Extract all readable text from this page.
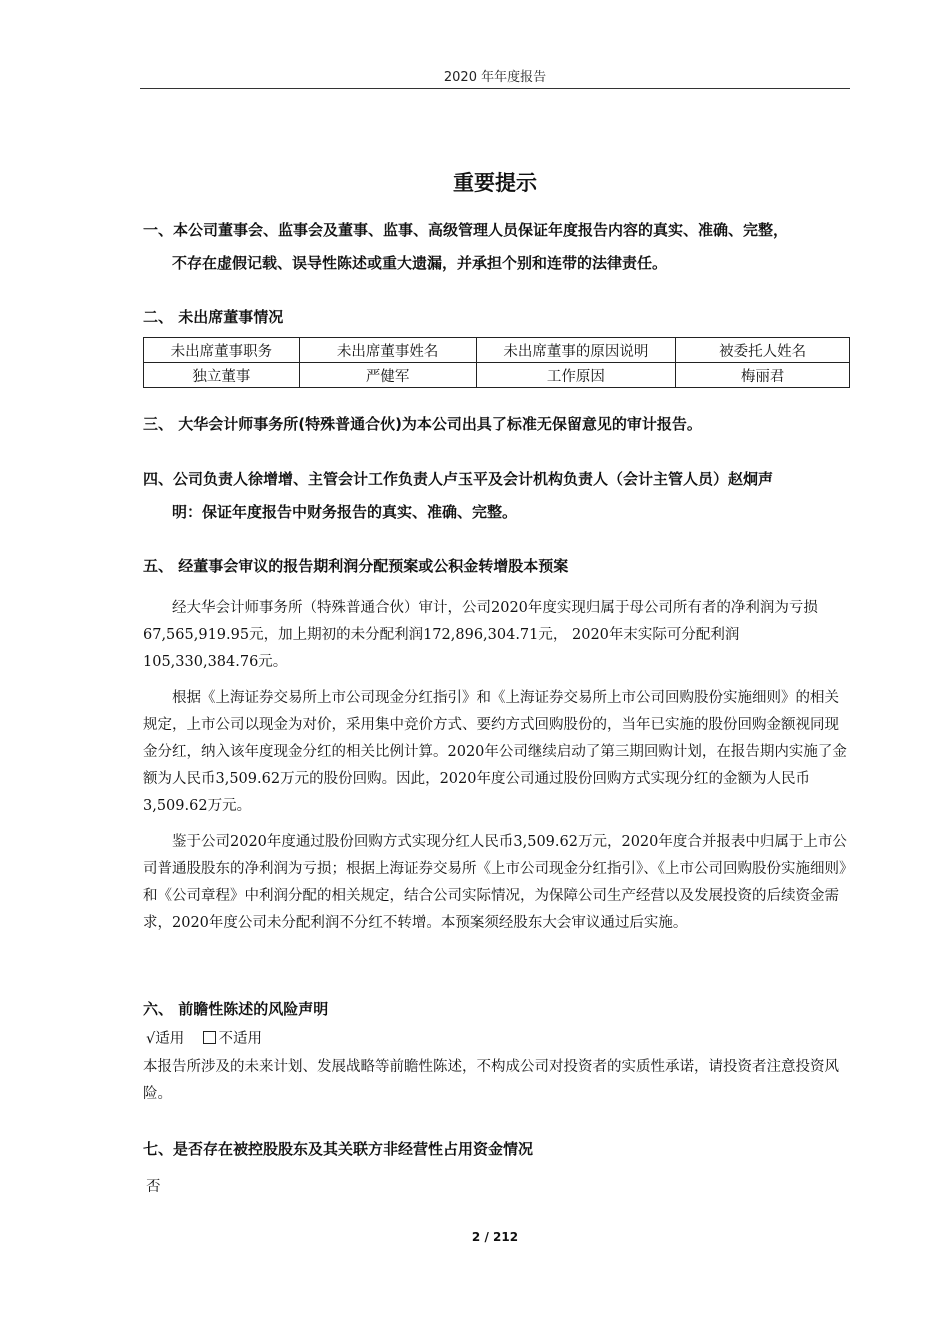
2020 年年度报告
重要提示
一、本公司董事会、监事会及董事、监事、高级管理人员保证年度报告内容的真实、准确、完整，
不存在虚假记载、误导性陈述或重大遗漏，并承担个别和连带的法律责任。
二、 未出席董事情况
未出席董事职务	未出席董事姓名	未出席董事的原因说明	被委托人姓名
独立董事	严健军	工作原因	梅丽君
三、 大华会计师事务所(特殊普通合伙)为本公司出具了标准无保留意见的审计报告。
四、公司负责人徐增增、主管会计工作负责人卢玉平及会计机构负责人（会计主管人员）赵炯声
明：保证年度报告中财务报告的真实、准确、完整。
五、 经董事会审议的报告期利润分配预案或公积金转增股本预案
经大华会计师事务所（特殊普通合伙）审计，公司2020年度实现归属于母公司所有者的净利润为亏损67,565,919.95元，加上期初的未分配利润172,896,304.71元， 2020年末实际可分配利润105,330,384.76元。
根据《上海证券交易所上市公司现金分红指引》和《上海证券交易所上市公司回购股份实施细则》的相关规定，上市公司以现金为对价，采用集中竞价方式、要约方式回购股份的，当年已实施的股份回购金额视同现金分红，纳入该年度现金分红的相关比例计算。2020年公司继续启动了第三期回购计划，在报告期内实施了金额为人民币3,509.62万元的股份回购。因此，2020年度公司通过股份回购方式实现分红的金额为人民币3,509.62万元。
鉴于公司2020年度通过股份回购方式实现分红人民币3,509.62万元，2020年度合并报表中归属于上市公司普通股股东的净利润为亏损；根据上海证券交易所《上市公司现金分红指引》、《上市公司回购股份实施细则》和《公司章程》中利润分配的相关规定，结合公司实际情况，为保障公司生产经营以及发展投资的后续资金需求，2020年度公司未分配利润不分红不转增。本预案须经股东大会审议通过后实施。
六、 前瞻性陈述的风险声明
√适用 不适用
本报告所涉及的未来计划、发展战略等前瞻性陈述，不构成公司对投资者的实质性承诺，请投资者注意投资风险。
七、是否存在被控股股东及其关联方非经营性占用资金情况
否
2 / 212
